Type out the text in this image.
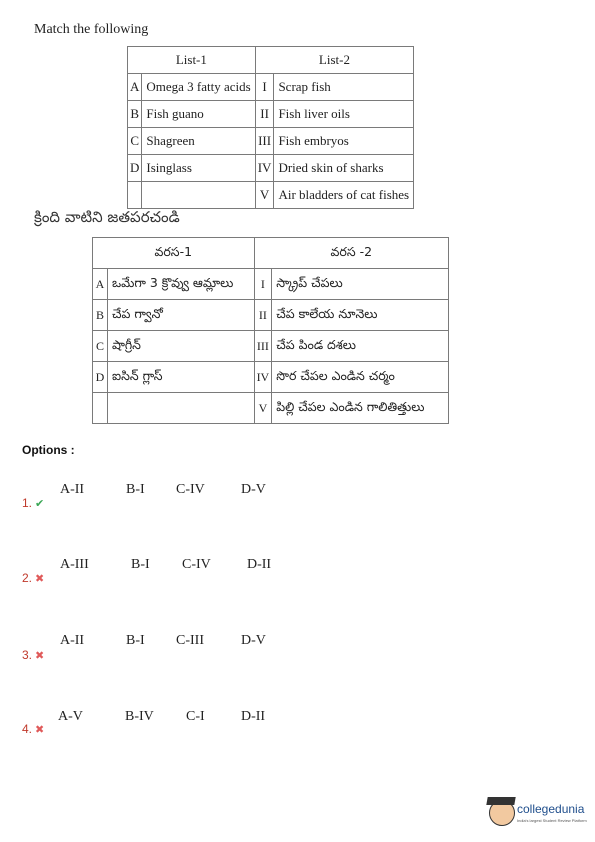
Match the following
List-1		List-2	
A	Omega 3 fatty acids	I	Scrap fish
B	Fish guano	II	Fish liver oils
C	Shagreen	III	Fish embryos
D	Isinglass	IV	Dried skin of sharks
		V	Air bladders of cat fishes
క్రింది వాటిని జతపరచండి
వరస-1		వరస -2	
A	ఒమేగా 3 క్రొవ్వు ఆమ్లాలు	I	స్క్రాప్ చేపలు
B	చేప గ్వానో	II	చేప కాలేయ నూనెలు
C	షాగ్రీన్	III	చేప పిండ దశలు
D	ఐసిన్ గ్లాస్	IV	సొర చేపల ఎండిన చర్మం
		V	పిల్లి చేపల ఎండిన గాలితిత్తులు
Options :
1. ✔
A-II	B-I C-IV	D-V
2. ✖
A-III	B-I C-IV	D-II
3. ✖
A-II	B-I C-III	D-V
4. ✖
A-V	B-IV C-I	D-II
collegedunia
India's largest Student Review Platform
